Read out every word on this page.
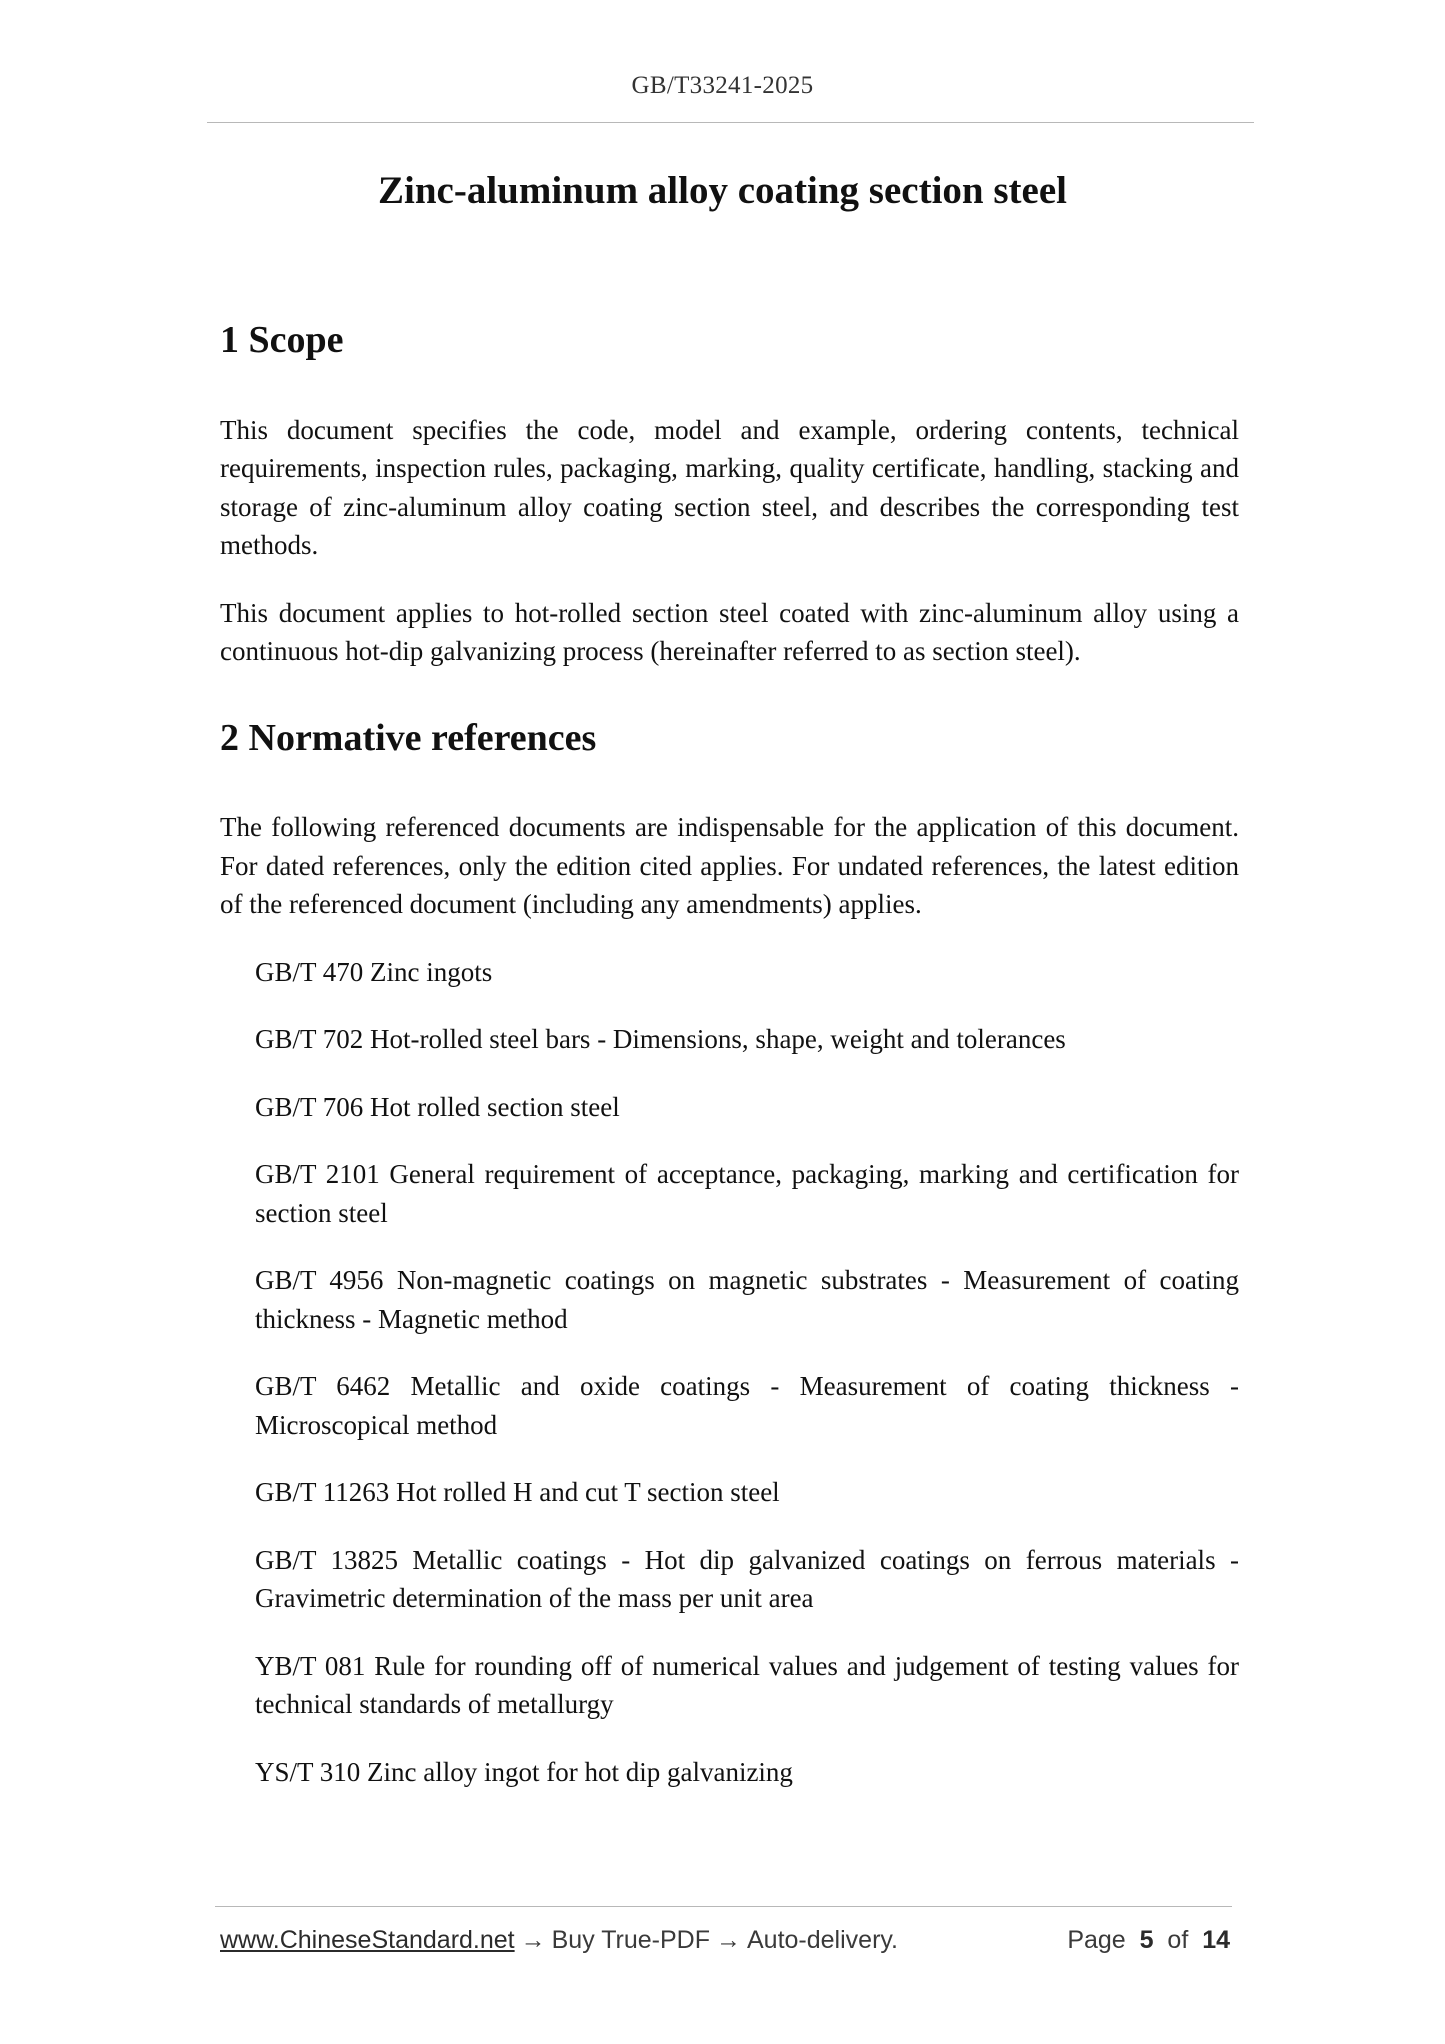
GB/T33241-2025
Zinc-aluminum alloy coating section steel
1 Scope

This document specifies the code, model and example, ordering contents, technical requirements, inspection rules, packaging, marking, quality certificate, handling, stacking and storage of zinc-aluminum alloy coating section steel, and describes the corresponding test methods.

This document applies to hot-rolled section steel coated with zinc-aluminum alloy using a continuous hot-dip galvanizing process (hereinafter referred to as section steel).

2 Normative references

The following referenced documents are indispensable for the application of this document. For dated references, only the edition cited applies. For undated references, the latest edition of the referenced document (including any amendments) applies.

GB/T 470 Zinc ingots

GB/T 702 Hot-rolled steel bars - Dimensions, shape, weight and tolerances

GB/T 706 Hot rolled section steel

GB/T 2101 General requirement of acceptance, packaging, marking and certification for section steel

GB/T 4956 Non-magnetic coatings on magnetic substrates - Measurement of coating thickness - Magnetic method

GB/T 6462 Metallic and oxide coatings - Measurement of coating thickness - Microscopical method

GB/T 11263 Hot rolled H and cut T section steel

GB/T 13825 Metallic coatings - Hot dip galvanized coatings on ferrous materials - Gravimetric determination of the mass per unit area

YB/T 081 Rule for rounding off of numerical values and judgement of testing values for technical standards of metallurgy

YS/T 310 Zinc alloy ingot for hot dip galvanizing

www.ChineseStandard.net → Buy True-PDF → Auto-delivery.	Page 5 of 14
